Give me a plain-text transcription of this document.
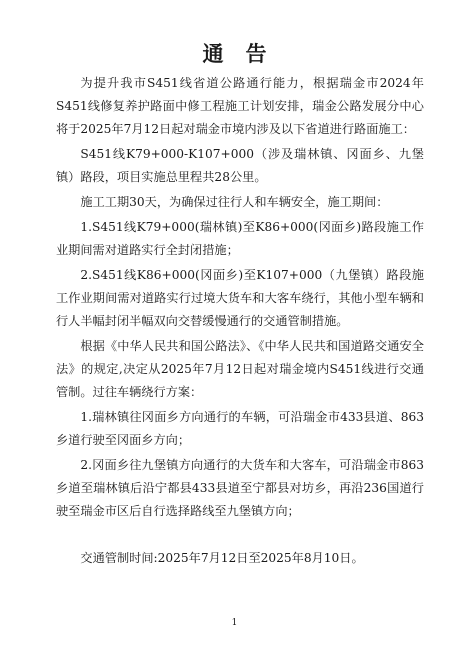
通告

为提升我市S451线省道公路通行能力，根据瑞金市2024年S451线修复养护路面中修工程施工计划安排，瑞金公路发展分中心将于2025年7月12日起对瑞金市境内涉及以下省道进行路面施工：

S451线K79+000-K107+000（涉及瑞林镇、冈面乡、九堡镇）路段，项目实施总里程共28公里。

施工工期30天，为确保过往行人和车辆安全，施工期间：

1.S451线K79+000(瑞林镇)至K86+000(冈面乡)路段施工作业期间需对道路实行全封闭措施；

2.S451线K86+000(冈面乡)至K107+000（九堡镇）路段施工作业期间需对道路实行过境大货车和大客车绕行，其他小型车辆和行人半幅封闭半幅双向交替缓慢通行的交通管制措施。

根据《中华人民共和国公路法》、《中华人民共和国道路交通安全法》的规定,决定从2025年7月12日起对瑞金境内S451线进行交通管制。过往车辆绕行方案：

1.瑞林镇往冈面乡方向通行的车辆，可沿瑞金市433县道、863乡道行驶至冈面乡方向；

2.冈面乡往九堡镇方向通行的大货车和大客车，可沿瑞金市863乡道至瑞林镇后沿宁都县433县道至宁都县对坊乡，再沿236国道行驶至瑞金市区后自行选择路线至九堡镇方向；

交通管制时间:2025年7月12日至2025年8月10日。

1
